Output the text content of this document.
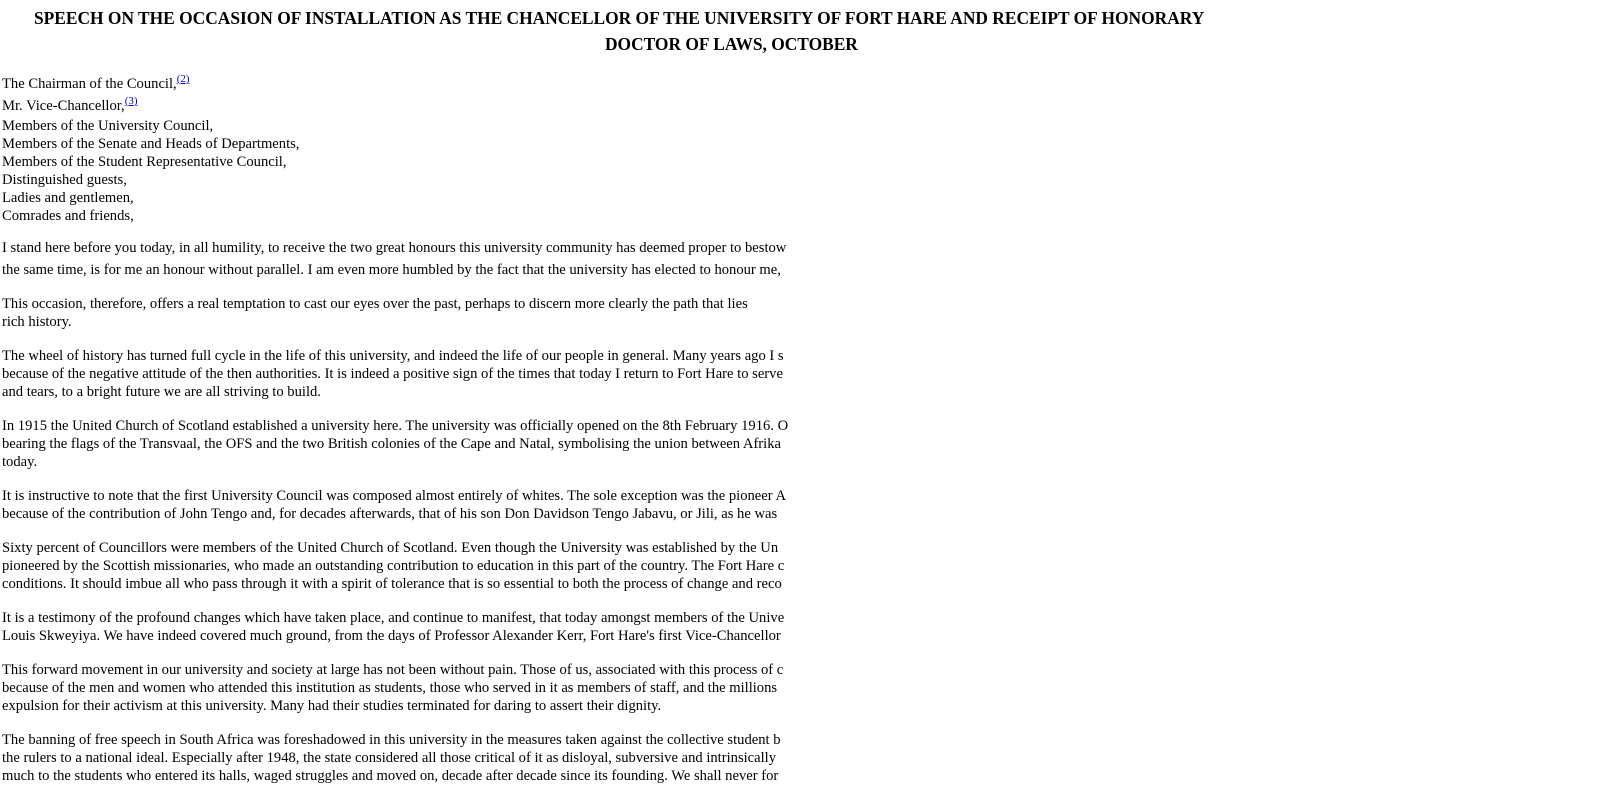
SPEECH ON THE OCCASION OF INSTALLATION AS THE CHANCELLOR OF THE UNIVERSITY OF FORT HARE AND RECEIPT OF HONORARY
DOCTOR OF LAWS, OCTOBER
The Chairman of the Council,$^{(2)}$
Mr. Vice-Chancellor,$^{(3)}$
Members of the University Council,
Members of the Senate and Heads of Departments,
Members of the Student Representative Council,
Distinguished guests,
Ladies and gentlemen,
Comrades and friends,
I stand here before you today, in all humility, to receive the two great honours this university community has deemed proper to bestow
the same time, is for me an honour without parallel. I am even more humbled by the fact that the university has elected to honour me,
This occasion, therefore, offers a real temptation to cast our eyes over the past, perhaps to discern more clearly the path that lies
rich history.
The wheel of history has turned full cycle in the life of this university, and indeed the life of our people in general. Many years ago I s
because of the negative attitude of the then authorities. It is indeed a positive sign of the times that today I return to Fort Hare to serve
and tears, to a bright future we are all striving to build.
In 1915 the United Church of Scotland established a university here. The university was officially opened on the 8th February 1916. O
bearing the flags of the Transvaal, the OFS and the two British colonies of the Cape and Natal, symbolising the union between Afrika
today.
It is instructive to note that the first University Council was composed almost entirely of whites. The sole exception was the pioneer A
because of the contribution of John Tengo and, for decades afterwards, that of his son Don Davidson Tengo Jabavu, or Jili, as he was
Sixty percent of Councillors were members of the United Church of Scotland. Even though the University was established by the Un
pioneered by the Scottish missionaries, who made an outstanding contribution to education in this part of the country. The Fort Hare c
conditions. It should imbue all who pass through it with a spirit of tolerance that is so essential to both the process of change and reco
It is a testimony of the profound changes which have taken place, and continue to manifest, that today amongst members of the Unive
Louis Skweyiya. We have indeed covered much ground, from the days of Professor Alexander Kerr, Fort Hare's first Vice-Chancellor
This forward movement in our university and society at large has not been without pain. Those of us, associated with this process of c
because of the men and women who attended this institution as students, those who served in it as members of staff, and the millions
expulsion for their activism at this university. Many had their studies terminated for daring to assert their dignity.
The banning of free speech in South Africa was foreshadowed in this university in the measures taken against the collective student b
the rulers to a national ideal. Especially after 1948, the state considered all those critical of it as disloyal, subversive and intrinsically
much to the students who entered its halls, waged struggles and moved on, decade after decade since its founding. We shall never for
